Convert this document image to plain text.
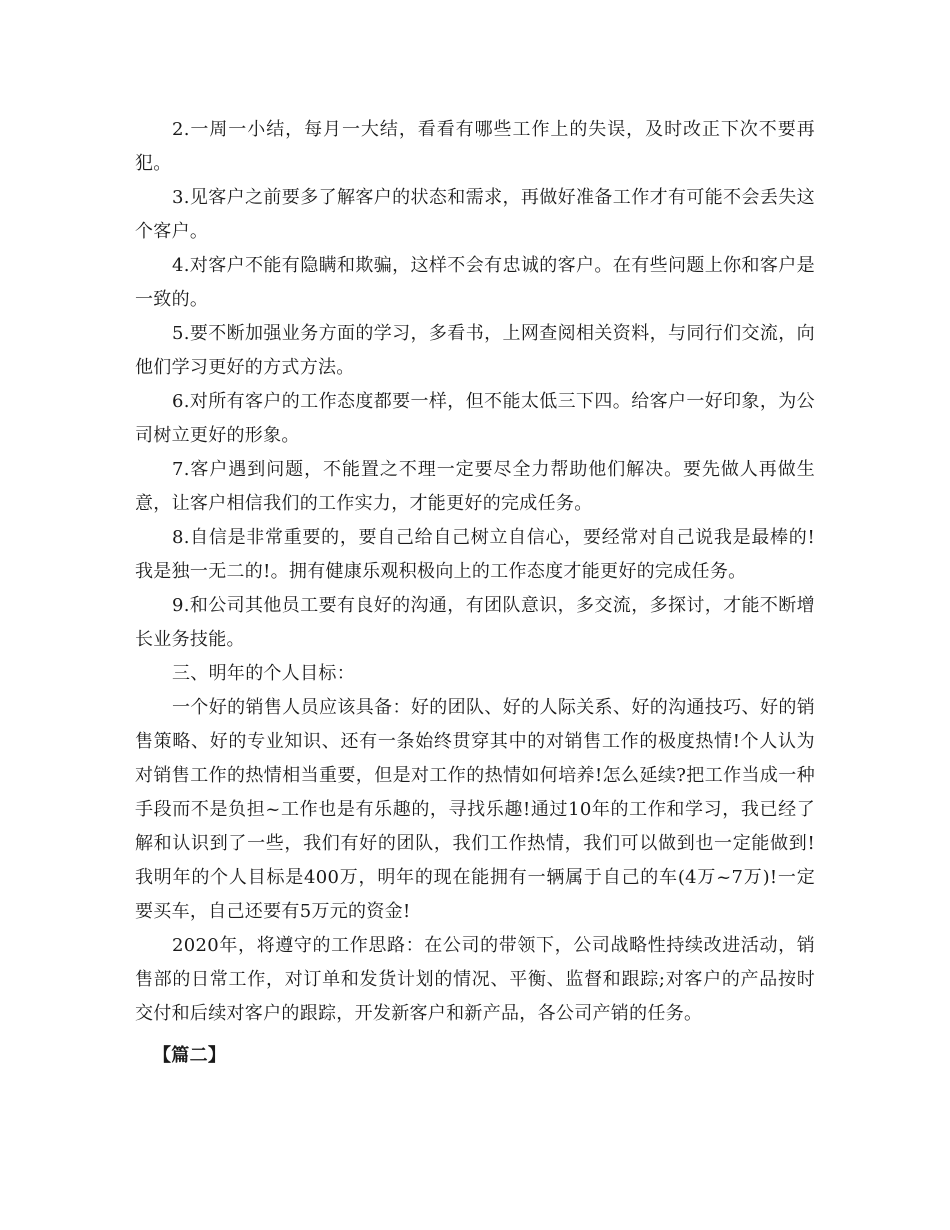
2.一周一小结，每月一大结，看看有哪些工作上的失误，及时改正下次不要再犯。

3.见客户之前要多了解客户的状态和需求，再做好准备工作才有可能不会丢失这个客户。

4.对客户不能有隐瞒和欺骗，这样不会有忠诚的客户。在有些问题上你和客户是一致的。

5.要不断加强业务方面的学习，多看书，上网查阅相关资料，与同行们交流，向他们学习更好的方式方法。

6.对所有客户的工作态度都要一样，但不能太低三下四。给客户一好印象，为公司树立更好的形象。

7.客户遇到问题，不能置之不理一定要尽全力帮助他们解决。要先做人再做生意，让客户相信我们的工作实力，才能更好的完成任务。

8.自信是非常重要的，要自己给自己树立自信心，要经常对自己说我是最棒的!我是独一无二的!。拥有健康乐观积极向上的工作态度才能更好的完成任务。

9.和公司其他员工要有良好的沟通，有团队意识，多交流，多探讨，才能不断增长业务技能。

三、明年的个人目标：

一个好的销售人员应该具备：好的团队、好的人际关系、好的沟通技巧、好的销售策略、好的专业知识、还有一条始终贯穿其中的对销售工作的极度热情!个人认为对销售工作的热情相当重要，但是对工作的热情如何培养!怎么延续?把工作当成一种手段而不是负担~工作也是有乐趣的，寻找乐趣!通过10年的工作和学习，我已经了解和认识到了一些，我们有好的团队，我们工作热情，我们可以做到也一定能做到!我明年的个人目标是400万，明年的现在能拥有一辆属于自己的车(4万~7万)!一定要买车，自己还要有5万元的资金!

2020年，将遵守的工作思路：在公司的带领下，公司战略性持续改进活动，销售部的日常工作，对订单和发货计划的情况、平衡、监督和跟踪;对客户的产品按时交付和后续对客户的跟踪，开发新客户和新产品，各公司产销的任务。

【篇二】
